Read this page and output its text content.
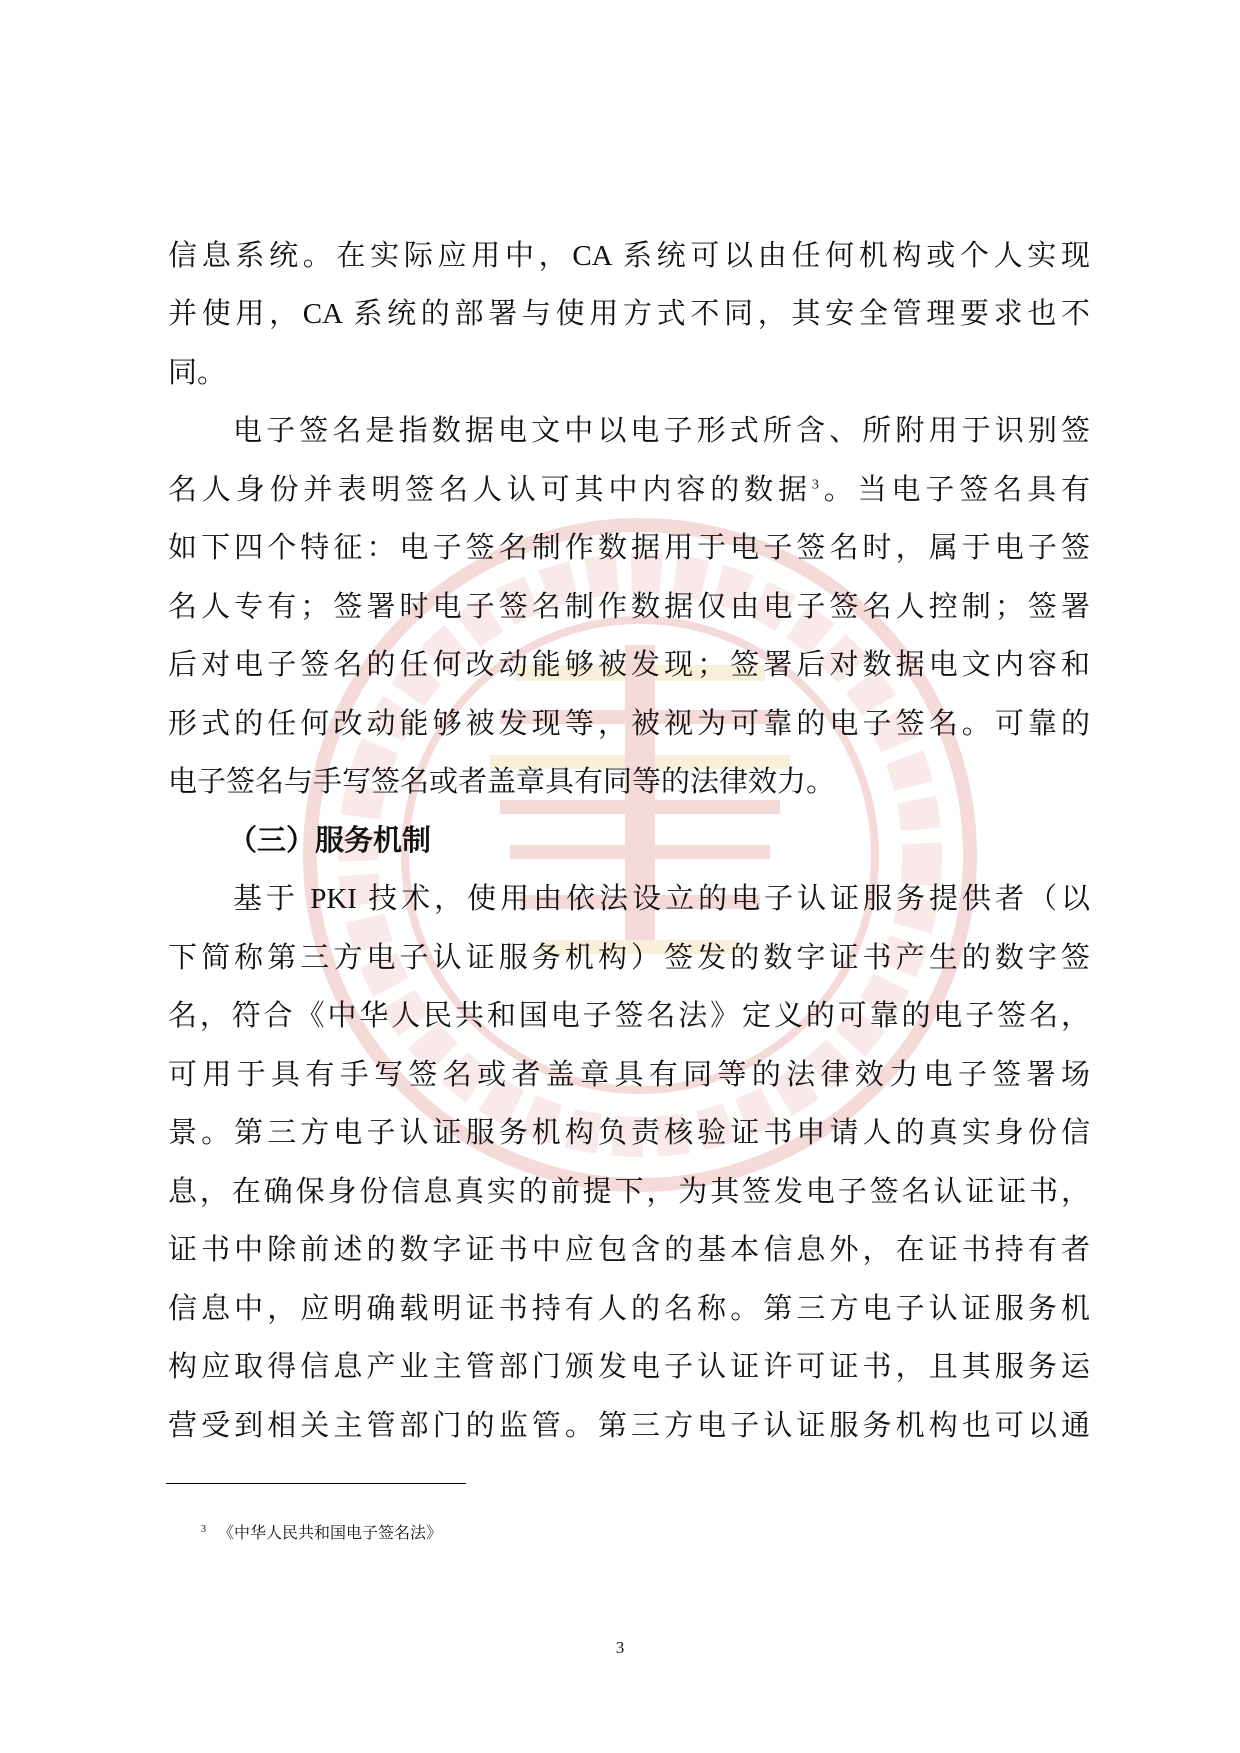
信息系统。在实际应用中，CA 系统可以由任何机构或个人实现
并使用，CA 系统的部署与使用方式不同，其安全管理要求也不
同。
电子签名是指数据电文中以电子形式所含、所附用于识别签
名人身份并表明签名人认可其中内容的数据$^3$。当电子签名具有
如下四个特征：电子签名制作数据用于电子签名时，属于电子签
名人专有；签署时电子签名制作数据仅由电子签名人控制；签署
后对电子签名的任何改动能够被发现；签署后对数据电文内容和
形式的任何改动能够被发现等，被视为可靠的电子签名。可靠的
电子签名与手写签名或者盖章具有同等的法律效力。
（三）服务机制
基于 PKI 技术，使用由依法设立的电子认证服务提供者（以
下简称第三方电子认证服务机构）签发的数字证书产生的数字签
名，符合《中华人民共和国电子签名法》定义的可靠的电子签名，
可用于具有手写签名或者盖章具有同等的法律效力电子签署场
景。第三方电子认证服务机构负责核验证书申请人的真实身份信
息，在确保身份信息真实的前提下，为其签发电子签名认证证书，
证书中除前述的数字证书中应包含的基本信息外，在证书持有者
信息中，应明确载明证书持有人的名称。第三方电子认证服务机
构应取得信息产业主管部门颁发电子认证许可证书，且其服务运
营受到相关主管部门的监管。第三方电子认证服务机构也可以通
$^3$ 《中华人民共和国电子签名法》
3
